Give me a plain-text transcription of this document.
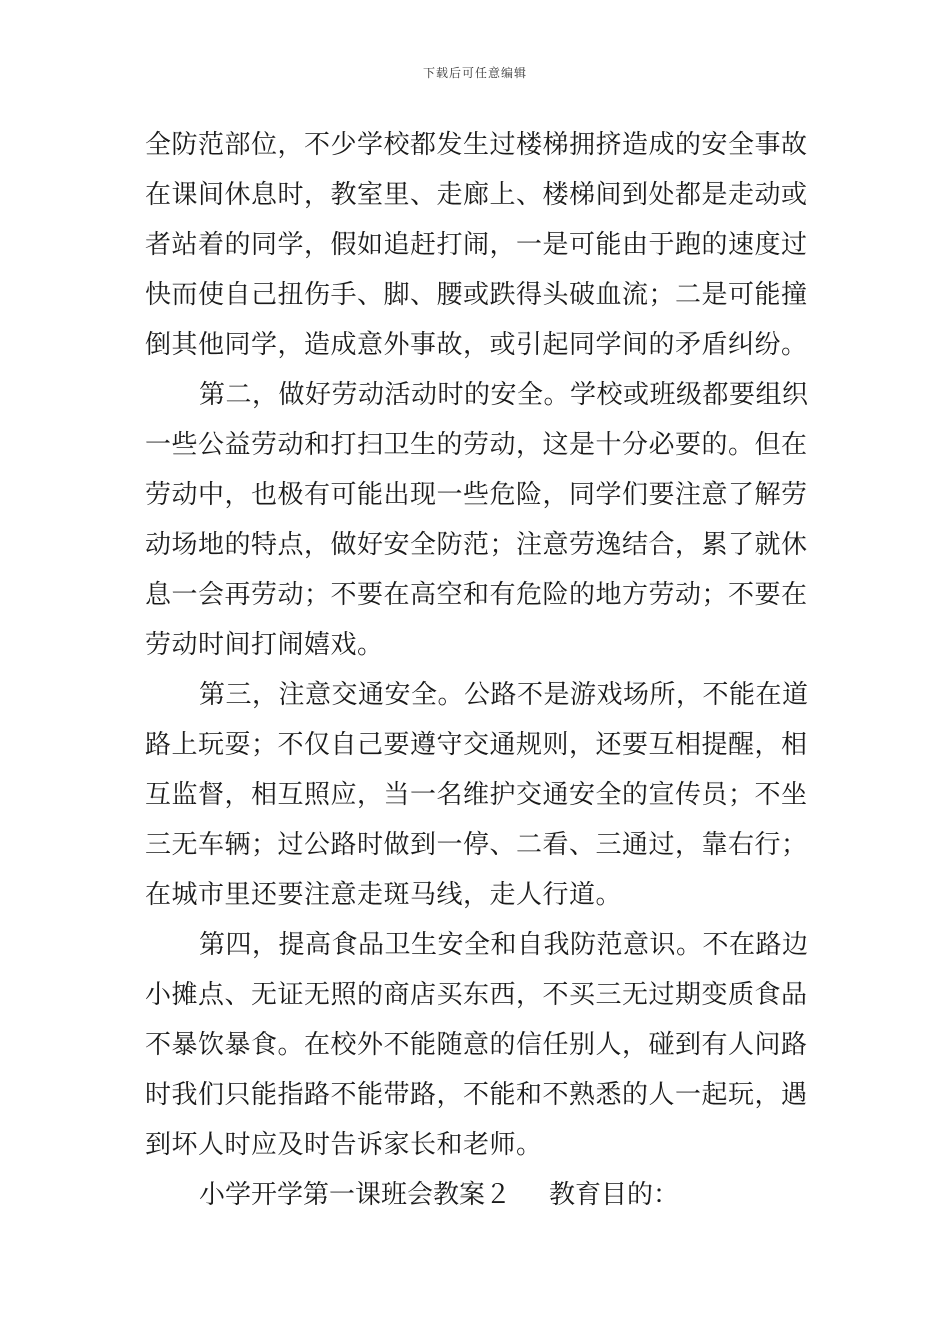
下载后可任意编辑
全防范部位，不少学校都发生过楼梯拥挤造成的安全事故
在课间休息时，教室里、走廊上、楼梯间到处都是走动或
者站着的同学，假如追赶打闹，一是可能由于跑的速度过
快而使自己扭伤手、脚、腰或跌得头破血流；二是可能撞
倒其他同学，造成意外事故，或引起同学间的矛盾纠纷。
第二，做好劳动活动时的安全。学校或班级都要组织
一些公益劳动和打扫卫生的劳动，这是十分必要的。但在
劳动中，也极有可能出现一些危险，同学们要注意了解劳
动场地的特点，做好安全防范；注意劳逸结合，累了就休
息一会再劳动；不要在高空和有危险的地方劳动；不要在
劳动时间打闹嬉戏。
第三，注意交通安全。公路不是游戏场所，不能在道
路上玩耍；不仅自己要遵守交通规则，还要互相提醒，相
互监督，相互照应，当一名维护交通安全的宣传员；不坐
三无车辆；过公路时做到一停、二看、三通过，靠右行；
在城市里还要注意走斑马线，走人行道。
第四，提高食品卫生安全和自我防范意识。不在路边
小摊点、无证无照的商店买东西，不买三无过期变质食品
不暴饮暴食。在校外不能随意的信任别人，碰到有人问路
时我们只能指路不能带路，不能和不熟悉的人一起玩，遇
到坏人时应及时告诉家长和老师。
小学开学第一课班会教案２ 教育目的：
